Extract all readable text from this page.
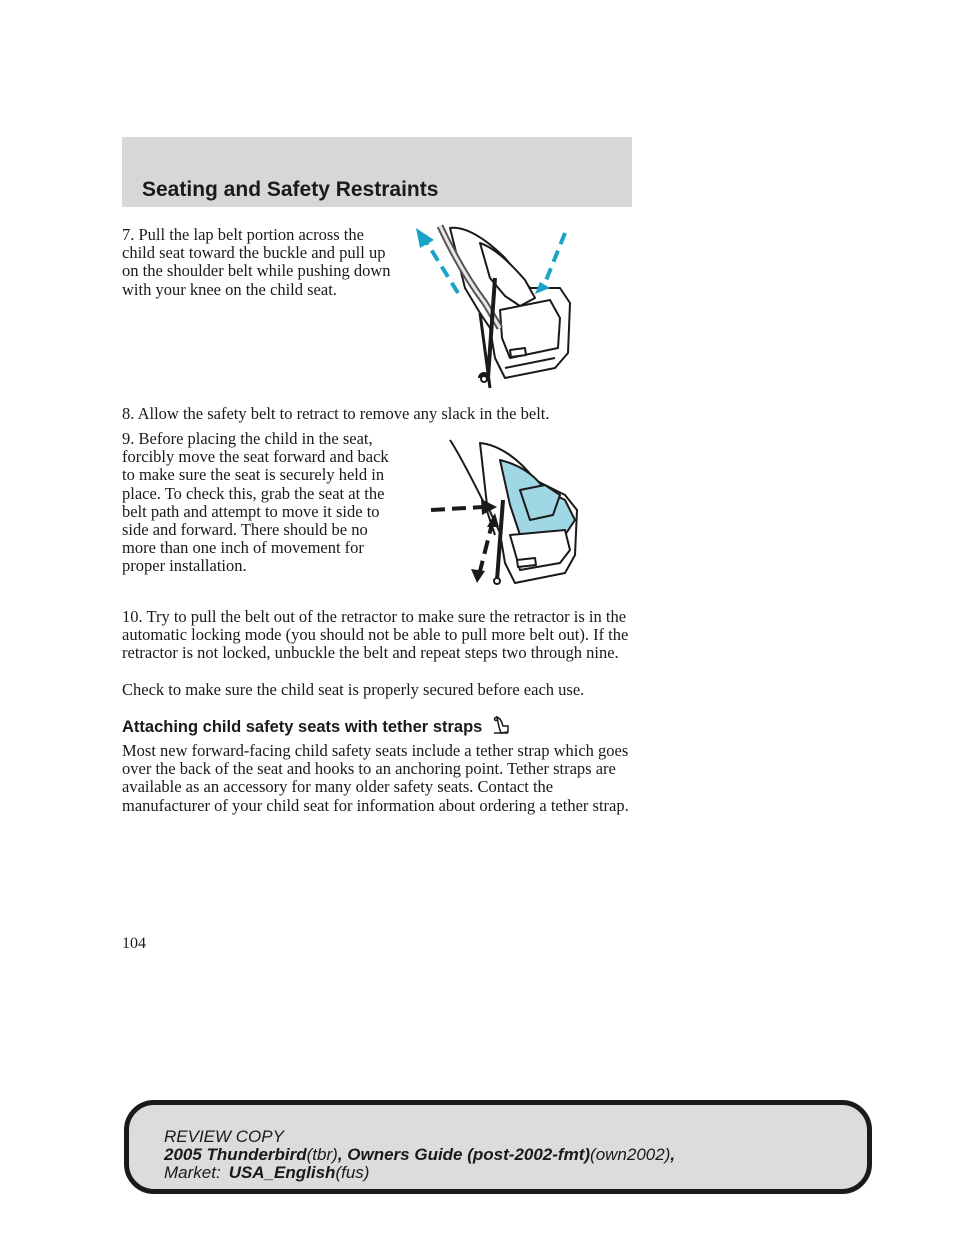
Seating and Safety Restraints

7. Pull the lap belt portion across the child seat toward the buckle and pull up on the shoulder belt while pushing down with your knee on the child seat.

8. Allow the safety belt to retract to remove any slack in the belt.

9. Before placing the child in the seat, forcibly move the seat forward and back to make sure the seat is securely held in place. To check this, grab the seat at the belt path and attempt to move it side to side and forward. There should be no more than one inch of movement for proper installation.

10. Try to pull the belt out of the retractor to make sure the retractor is in the automatic locking mode (you should not be able to pull more belt out). If the retractor is not locked, unbuckle the belt and repeat steps two through nine.

Check to make sure the child seat is properly secured before each use.

Attaching child safety seats with tether straps

Most new forward-facing child safety seats include a tether strap which goes over the back of the seat and hooks to an anchoring point. Tether straps are available as an accessory for many older safety seats. Contact the manufacturer of your child seat for information about ordering a tether strap.

104
REVIEW COPY
2005 Thunderbird(tbr), Owners Guide (post-2002-fmt)(own2002),
Market: USA_English(fus)
